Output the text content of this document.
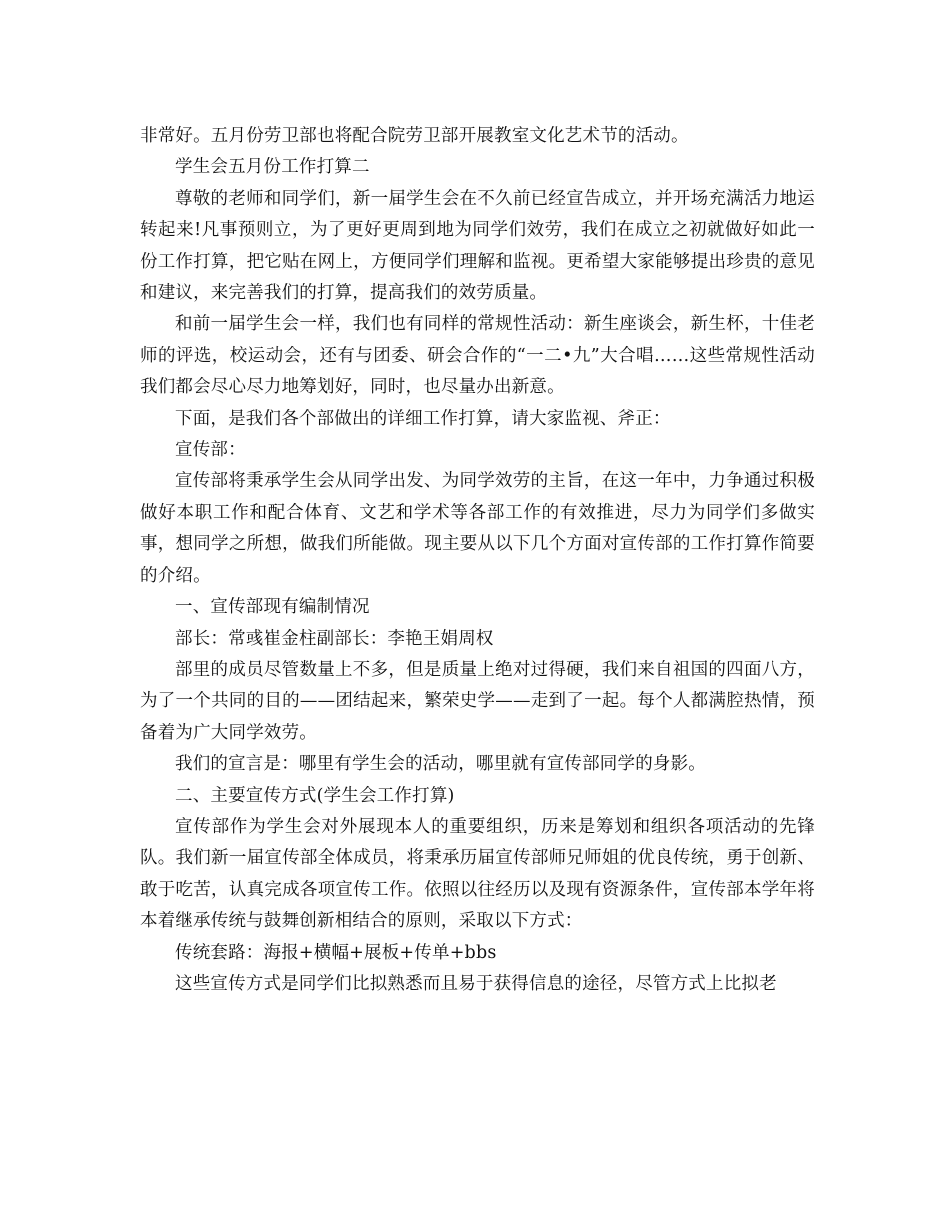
非常好。五月份劳卫部也将配合院劳卫部开展教室文化艺术节的活动。

学生会五月份工作打算二

尊敬的老师和同学们，新一届学生会在不久前已经宣告成立，并开场充满活力地运转起来!凡事预则立，为了更好更周到地为同学们效劳，我们在成立之初就做好如此一份工作打算，把它贴在网上，方便同学们理解和监视。更希望大家能够提出珍贵的意见和建议，来完善我们的打算，提高我们的效劳质量。

和前一届学生会一样，我们也有同样的常规性活动：新生座谈会，新生杯，十佳老师的评选，校运动会，还有与团委、研会合作的“一二•九”大合唱……这些常规性活动我们都会尽心尽力地筹划好，同时，也尽量办出新意。

下面，是我们各个部做出的详细工作打算，请大家监视、斧正：

宣传部：

宣传部将秉承学生会从同学出发、为同学效劳的主旨，在这一年中，力争通过积极做好本职工作和配合体育、文艺和学术等各部工作的有效推进，尽力为同学们多做实事，想同学之所想，做我们所能做。现主要从以下几个方面对宣传部的工作打算作简要的介绍。

一、宣传部现有编制情况

部长：常彧崔金柱副部长：李艳王娟周权

部里的成员尽管数量上不多，但是质量上绝对过得硬，我们来自祖国的四面八方，为了一个共同的目的——团结起来，繁荣史学——走到了一起。每个人都满腔热情，预备着为广大同学效劳。

我们的宣言是：哪里有学生会的活动，哪里就有宣传部同学的身影。

二、主要宣传方式(学生会工作打算)

宣传部作为学生会对外展现本人的重要组织，历来是筹划和组织各项活动的先锋队。我们新一届宣传部全体成员，将秉承历届宣传部师兄师姐的优良传统，勇于创新、敢于吃苦，认真完成各项宣传工作。依照以往经历以及现有资源条件，宣传部本学年将本着继承传统与鼓舞创新相结合的原则，采取以下方式：

传统套路：海报+横幅+展板+传单+bbs

这些宣传方式是同学们比拟熟悉而且易于获得信息的途径，尽管方式上比拟老
